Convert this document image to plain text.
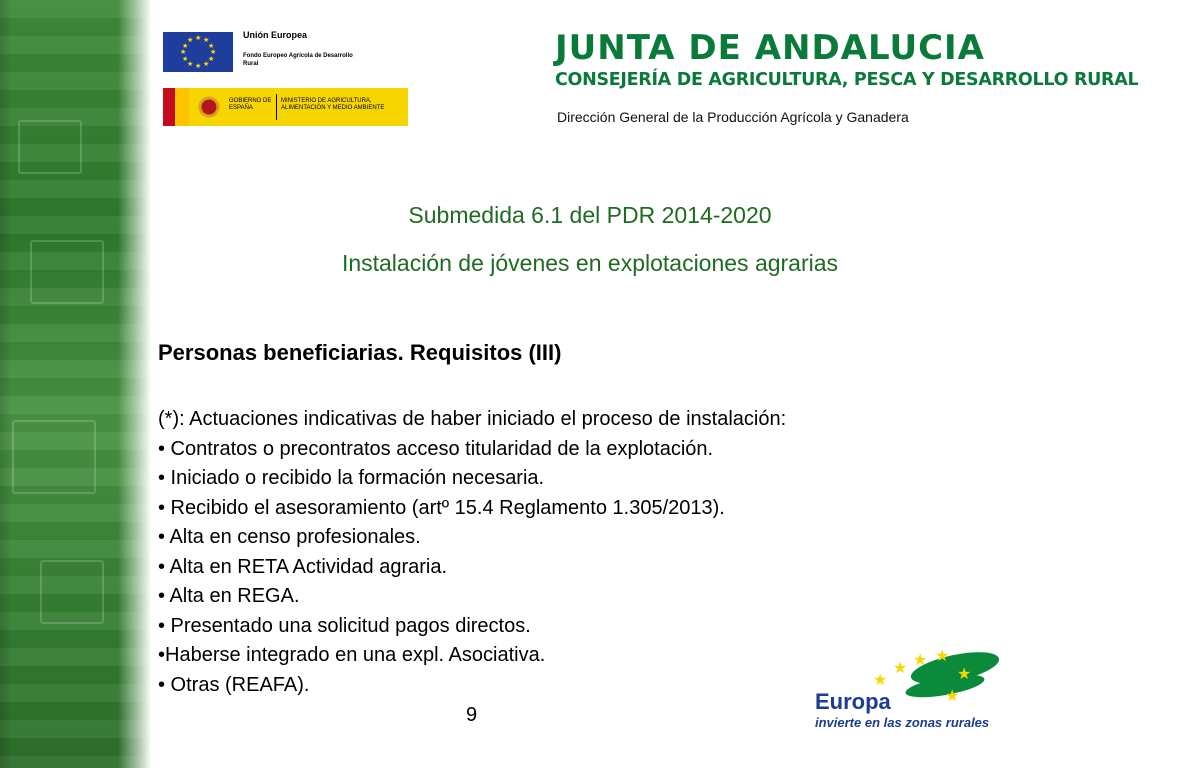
★ ★
★
★
★
★
★
★
★
★
★
★
Unión Europea
Fondo Europeo Agrícola de Desarrollo Rural
GOBIERNO DE ESPAÑA
MINISTERIO DE AGRICULTURA, ALIMENTACIÓN Y MEDIO AMBIENTE
JUNTA DE ANDALUCIA
CONSEJERÍA DE AGRICULTURA, PESCA Y DESARROLLO RURAL
Dirección General de la Producción Agrícola y Ganadera
Submedida 6.1 del PDR 2014-2020
Instalación de jóvenes en explotaciones agrarias
Personas beneficiarias. Requisitos (III)
(*): Actuaciones indicativas de haber iniciado el proceso de instalación:
• Contratos o precontratos acceso titularidad de la explotación.
• Iniciado o recibido la formación necesaria.
• Recibido el asesoramiento (artº 15.4 Reglamento 1.305/2013).
• Alta en censo profesionales.
• Alta en RETA Actividad agraria.
• Alta en REGA.
• Presentado una solicitud pagos directos.
•Haberse integrado en una expl. Asociativa.
• Otras (REAFA).
9
★
★ ★ ★
★
★
Europa
invierte en las zonas rurales
